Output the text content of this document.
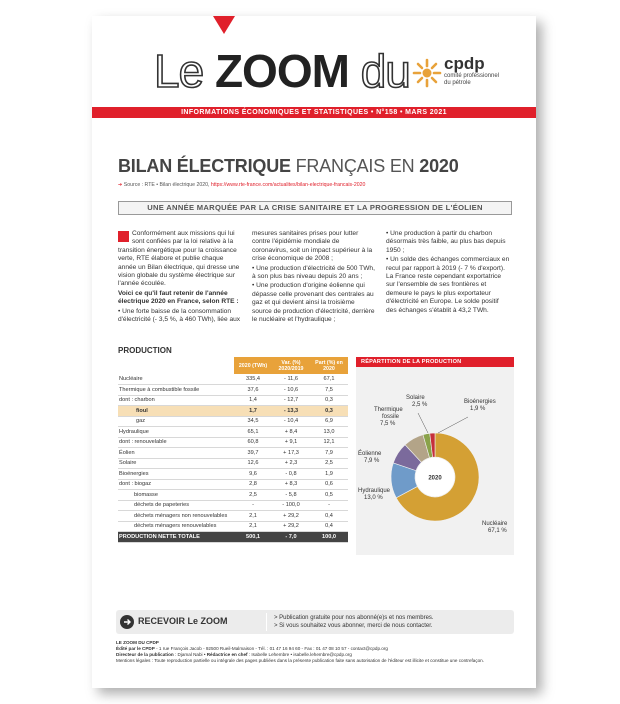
Le ZOOM du cpdp
comité professionnel du pétrole
INFORMATIONS ÉCONOMIQUES ET STATISTIQUES • N°158 • MARS 2021
BILAN ÉLECTRIQUE FRANÇAIS EN 2020
➔ Source : RTE • Bilan électrique 2020, https://www.rte-france.com/actualites/bilan-electrique-francais-2020
UNE ANNÉE MARQUÉE PAR LA CRISE SANITAIRE ET LA PROGRESSION DE L'ÉOLIEN

Conformément aux missions qui lui sont confiées par la loi relative à la transition énergétique pour la croissance verte, RTE élabore et publie chaque année un Bilan électrique, qui dresse une vision globale du système électrique sur l'année écoulée.

Voici ce qu'il faut retenir de l'année électrique 2020 en France, selon RTE :

• Une forte baisse de la consommation d'électricité (- 3,5 %, à 460 TWh), liée aux

mesures sanitaires prises pour lutter contre l'épidémie mondiale de coronavirus, soit un impact supérieur à la crise économique de 2008 ;

• Une production d'électricité de 500 TWh, à son plus bas niveau depuis 20 ans ;

• Une production d'origine éolienne qui dépasse celle provenant des centrales au gaz et qui devient ainsi la troisième source de production d'électricité, derrière le nucléaire et l'hydraulique ;

• Une production à partir du charbon désormais très faible, au plus bas depuis 1950 ;

• Un solde des échanges commerciaux en recul par rapport à 2019 (- 7 % d'export). La France reste cependant exportatrice sur l'ensemble de ses frontières et demeure le pays le plus exportateur d'électricité en Europe. Le solde positif des échanges s'établit à 43,2 TWh.

PRODUCTION
	2020 (TWh)	Var. (%) 2020/2019	Part (%) en 2020
Nucléaire	335,4	- 11,6	67,1
Thermique à combustible fossile	37,6	- 10,6	7,5
dont : charbon	1,4	- 12,7	0,3
fioul	1,7	- 13,3	0,3
gaz	34,5	- 10,4	6,9
Hydraulique	65,1	+ 8,4	13,0
dont : renouvelable	60,8	+ 9,1	12,1
Éolien	39,7	+ 17,3	7,9
Solaire	12,6	+ 2,3	2,5
Bioénergies	9,6	- 0,8	1,9
dont : biogaz	2,8	+ 8,3	0,6
biomasse	2,5	- 5,8	0,5
déchets de papeteries	-	- 100,0	-
déchets ménagers non renouvelables	2,1	+ 29,2	0,4
déchets ménagers renouvelables	2,1	+ 29,2	0,4
PRODUCTION NETTE TOTALE	500,1	- 7,0	100,0
RÉPARTITION DE LA PRODUCTION
2020
Nucléaire 67,1 %
Hydraulique 13,0 %
Éolienne 7,9 %
Thermique fossile 7,5 %
Solaire 2,5 %	Bioénergies 1,9 %
RECEVOIR Le ZOOM	> Publication gratuite pour nos abonné(e)s et nos membres.
> Si vous souhaitez vous abonner, merci de nous contacter.
LE ZOOM DU CPDP
Édité par le CPDP - 1 rue François Jacob - 92500 Rueil-Malmaison - Tél. : 01 47 16 94 60 - Fax : 01 47 08 10 57 - contact@cpdp.org
Directeur de la publication : Djamal Nabi • Rédactrice en chef : Isabelle Lehembre • isabelle.lehembre@cpdp.org
Mentions légales : Toute reproduction partielle ou intégrale des pages publiées dans la présente publication faite sans autorisation de l'éditeur est illicite et constitue une contrefaçon.
